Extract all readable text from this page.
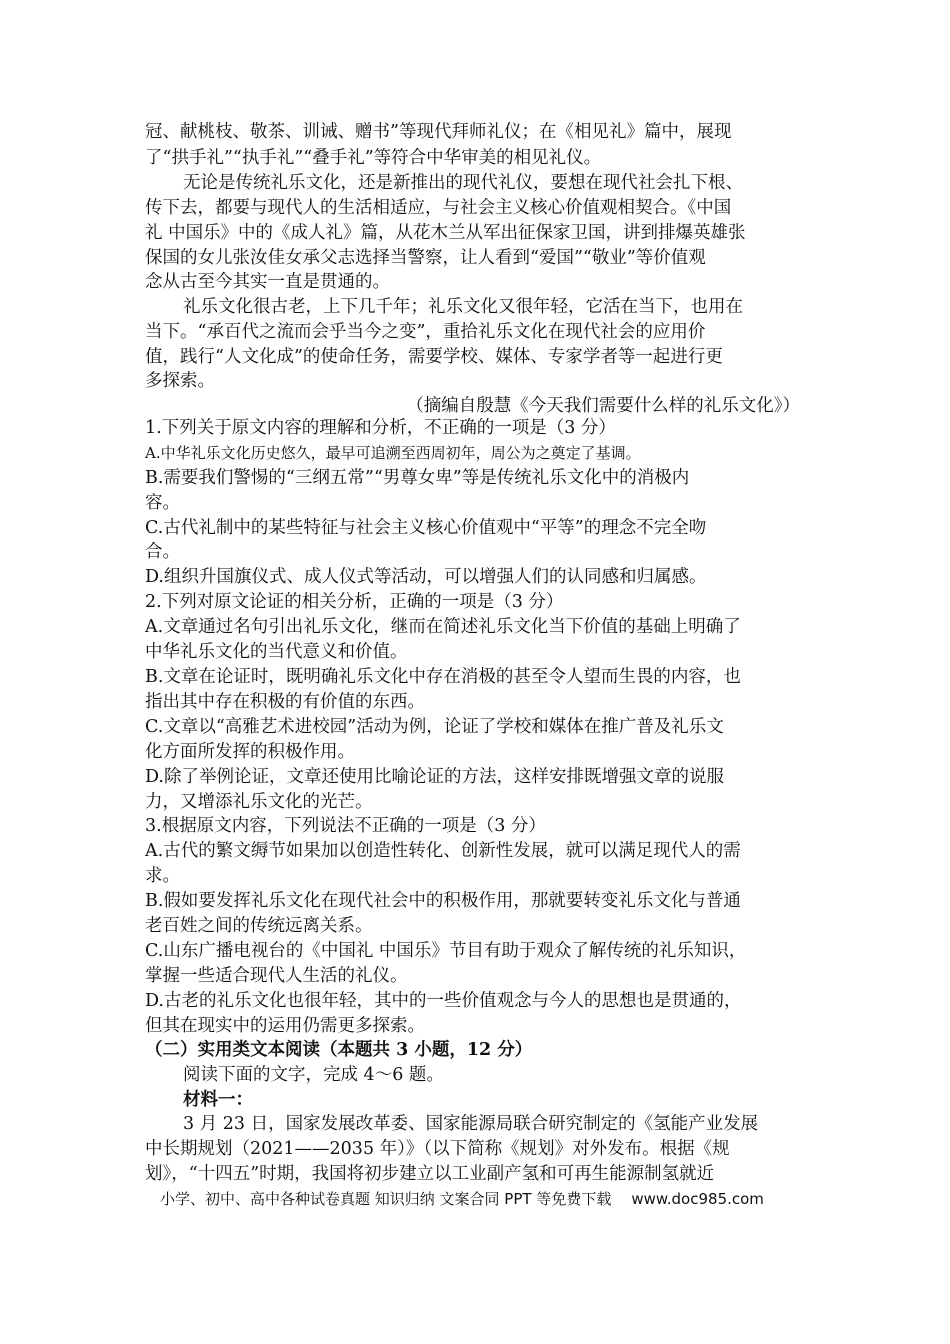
冠、献桃枝、敬茶、训诫、赠书”等现代拜师礼仪；在《相见礼》篇中，展现
了“拱手礼”“执手礼”“叠手礼”等符合中华审美的相见礼仪。
无论是传统礼乐文化，还是新推出的现代礼仪，要想在现代社会扎下根、
传下去，都要与现代人的生活相适应，与社会主义核心价值观相契合。《中国
礼 中国乐》中的《成人礼》篇，从花木兰从军出征保家卫国，讲到排爆英雄张
保国的女儿张汝佳女承父志选择当警察，让人看到“爱国”“敬业”等价值观
念从古至今其实一直是贯通的。
礼乐文化很古老，上下几千年；礼乐文化又很年轻，它活在当下，也用在
当下。“承百代之流而会乎当今之变”，重拾礼乐文化在现代社会的应用价
值，践行“人文化成”的使命任务，需要学校、媒体、专家学者等一起进行更
多探索。
（摘编自殷慧《今天我们需要什么样的礼乐文化》）
1.下列关于原文内容的理解和分析，不正确的一项是（3 分）
A.中华礼乐文化历史悠久，最早可追溯至西周初年，周公为之奠定了基调。
B.需要我们警惕的“三纲五常”“男尊女卑”等是传统礼乐文化中的消极内
容。
C.古代礼制中的某些特征与社会主义核心价值观中“平等”的理念不完全吻
合。
D.组织升国旗仪式、成人仪式等活动，可以增强人们的认同感和归属感。
2.下列对原文论证的相关分析，正确的一项是（3 分）
A.文章通过名句引出礼乐文化，继而在简述礼乐文化当下价值的基础上明确了
中华礼乐文化的当代意义和价值。
B.文章在论证时，既明确礼乐文化中存在消极的甚至令人望而生畏的内容，也
指出其中存在积极的有价值的东西。
C.文章以“高雅艺术进校园”活动为例，论证了学校和媒体在推广普及礼乐文
化方面所发挥的积极作用。
D.除了举例论证，文章还使用比喻论证的方法，这样安排既增强文章的说服
力，又增添礼乐文化的光芒。
3.根据原文内容，下列说法不正确的一项是（3 分）
A.古代的繁文缛节如果加以创造性转化、创新性发展，就可以满足现代人的需
求。
B.假如要发挥礼乐文化在现代社会中的积极作用，那就要转变礼乐文化与普通
老百姓之间的传统远离关系。
C.山东广播电视台的《中国礼 中国乐》节目有助于观众了解传统的礼乐知识，
掌握一些适合现代人生活的礼仪。
D.古老的礼乐文化也很年轻，其中的一些价值观念与今人的思想也是贯通的，
但其在现实中的运用仍需更多探索。
（二）实用类文本阅读（本题共 3 小题，12 分）
阅读下面的文字，完成 4～6 题。
材料一：
3 月 23 日，国家发展改革委、国家能源局联合研究制定的《氢能产业发展
中长期规划（2021——2035 年）》（以下简称《规划》对外发布。根据《规
划》，“十四五”时期，我国将初步建立以工业副产氢和可再生能源制氢就近
小学、初中、高中各种试卷真题 知识归纳 文案合同 PPT 等免费下载 www.doc985.com
